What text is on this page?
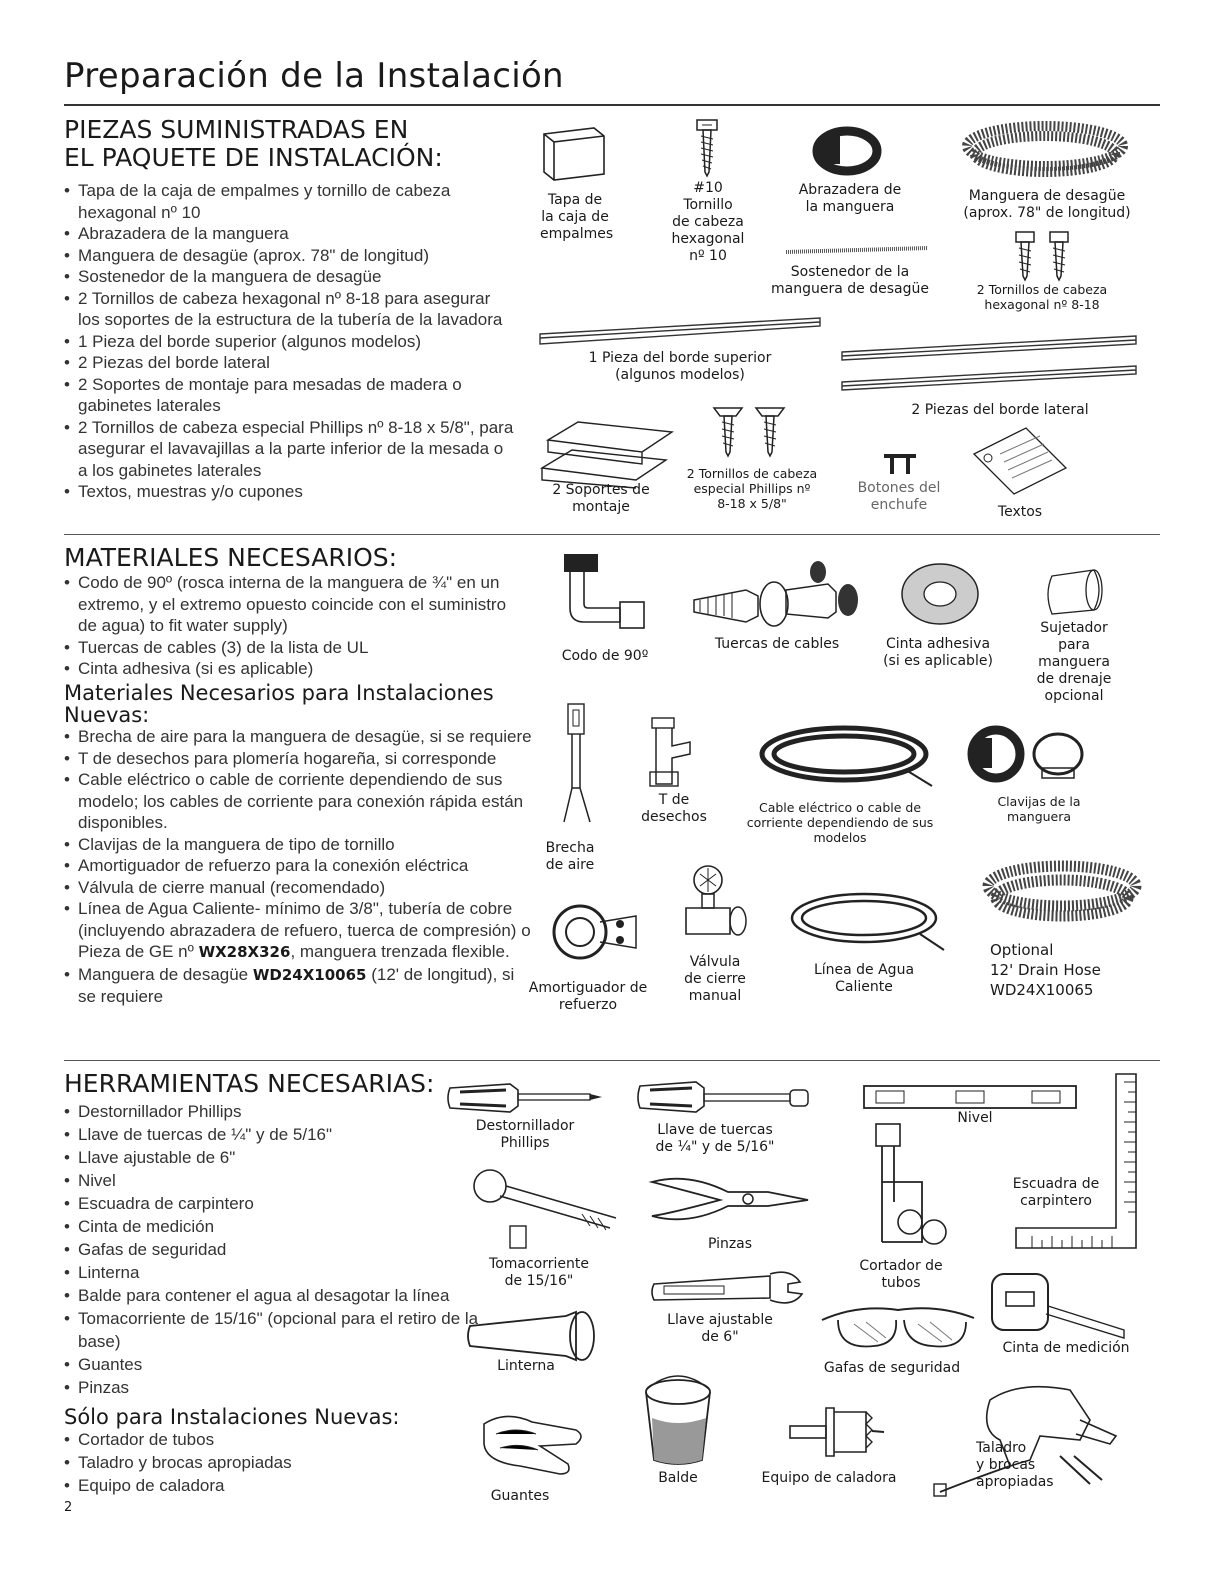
Preparación de la Instalación
PIEZAS SUMINISTRADAS EN
EL PAQUETE DE INSTALACIÓN:
• Tapa de la caja de empalmes y tornillo de cabeza hexagonal nº 10
• Abrazadera de la manguera
• Manguera de desagüe (aprox. 78" de longitud)
• Sostenedor de la manguera de desagüe
• 2 Tornillos de cabeza hexagonal nº 8-18 para asegurar los soportes de la estructura de la tubería de la lavadora
• 1 Pieza del borde superior (algunos modelos)
• 2 Piezas del borde lateral
• 2 Soportes de montaje para mesadas de madera o gabinetes laterales
• 2 Tornillos de cabeza especial Phillips nº 8-18 x 5/8", para asegurar el lavavajillas a la parte inferior de la mesada o a los gabinetes laterales
• Textos, muestras y/o cupones
Tapa de
la caja de
empalmes
#10
Tornillo
de cabeza
hexagonal
nº 10
Abrazadera de
la manguera
Manguera de desagüe
(aprox. 78" de longitud)
Sostenedor de la
manguera de desagüe	2 Tornillos de cabeza
hexagonal nº 8-18
1 Pieza del borde superior
(algunos modelos)
2 Piezas del borde lateral
2 Soportes de
montaje
2 Tornillos de cabeza
especial Phillips nº
8-18 x 5/8"
Botones del
enchufe	Textos
MATERIALES NECESARIOS:
• Codo de 90º (rosca interna de la manguera de ¾" en un extremo, y el extremo opuesto coincide con el suministro de agua) to fit water supply)
• Tuercas de cables (3) de la lista de UL
• Cinta adhesiva (si es aplicable)
Materiales Necesarios para Instalaciones
Nuevas:
• Brecha de aire para la manguera de desagüe, si se requiere
• T de desechos para plomería hogareña, si corresponde
• Cable eléctrico o cable de corriente dependiendo de sus modelo; los cables de corriente para conexión rápida están disponibles.
• Clavijas de la manguera de tipo de tornillo
• Amortiguador de refuerzo para la conexión eléctrica
• Válvula de cierre manual (recomendado)
• Línea de Agua Caliente- mínimo de 3/8", tubería de cobre (incluyendo abrazadera de refuero, tuerca de compresión) o Pieza de GE nº WX28X326, manguera trenzada flexible.
• Manguera de desagüe WD24X10065 (12' de longitud), si se requiere
Codo de 90º
Tuercas de cables	Cinta adhesiva
(si es aplicable)
Sujetador
para
manguera
de drenaje
opcional
Brecha
de aire
T de
desechos
Cable eléctrico o cable de
corriente dependiendo de sus
modelos
Clavijas de la
manguera
Amortiguador de
refuerzo
Válvula
de cierre
manual
Línea de Agua
Caliente
Optional
12' Drain Hose
WD24X10065
HERRAMIENTAS NECESARIAS:
• Destornillador Phillips
• Llave de tuercas de ¼" y de 5/16"
• Llave ajustable de 6"
• Nivel
• Escuadra de carpintero
• Cinta de medición
• Gafas de seguridad
• Linterna
• Balde para contener el agua al desagotar la línea
• Tomacorriente de 15/16" (opcional para el retiro de la base)
• Guantes
• Pinzas
Sólo para Instalaciones Nuevas:
• Cortador de tubos
• Taladro y brocas apropiadas
• Equipo de caladora
Destornillador
Phillips
Llave de tuercas
de ¼" y de 5/16"
Nivel
Escuadra de
carpintero
Tomacorriente
de 15/16"
Pinzas
Cortador de
tubos
Llave ajustable
de 6"
Cinta de medición
Linterna	Gafas de seguridad
Guantes
Balde	Equipo de caladora
Taladro
y brocas
apropiadas
2
